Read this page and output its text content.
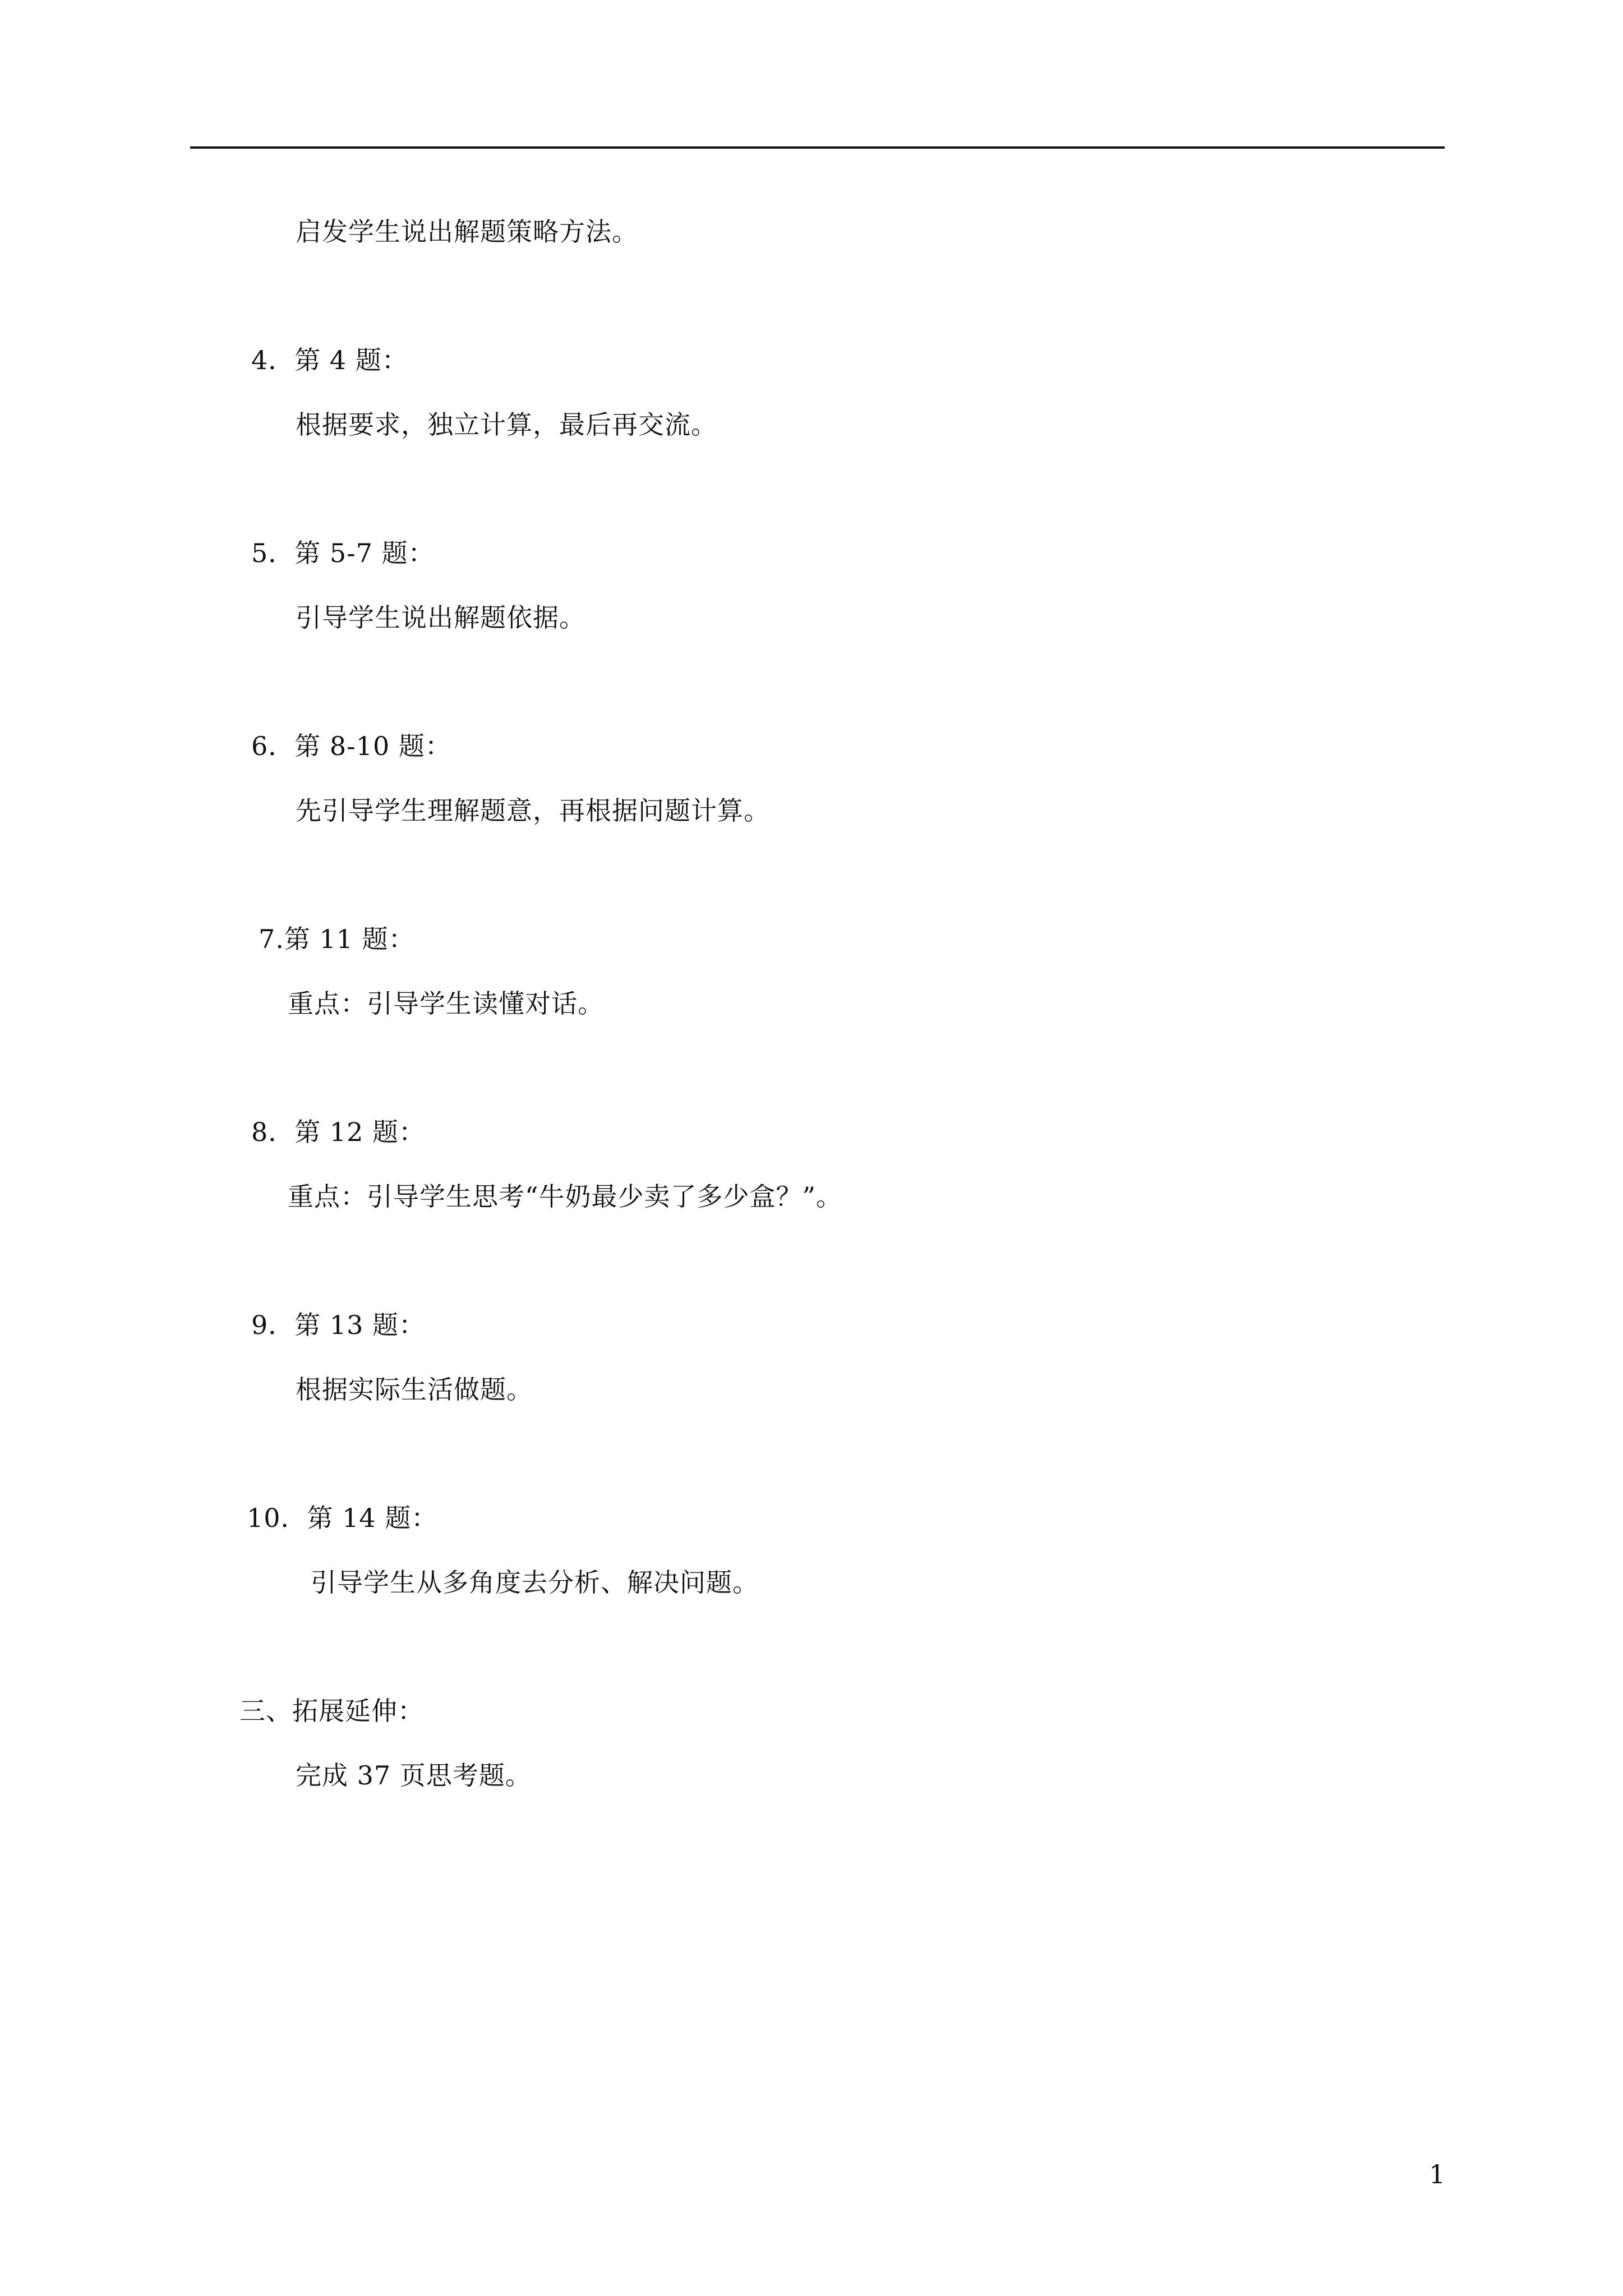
启发学生说出解题策略方法。
4．第 4 题：
根据要求，独立计算，最后再交流。
5．第 5-7 题：
引导学生说出解题依据。
6．第 8-10 题：
先引导学生理解题意，再根据问题计算。
7.第 11 题：
重点：引导学生读懂对话。
8．第 12 题：
重点：引导学生思考“牛奶最少卖了多少盒？”。
9．第 13 题：
根据实际生活做题。
10．第 14 题：
引导学生从多角度去分析、解决问题。
三、拓展延伸：
完成 37 页思考题。
1
